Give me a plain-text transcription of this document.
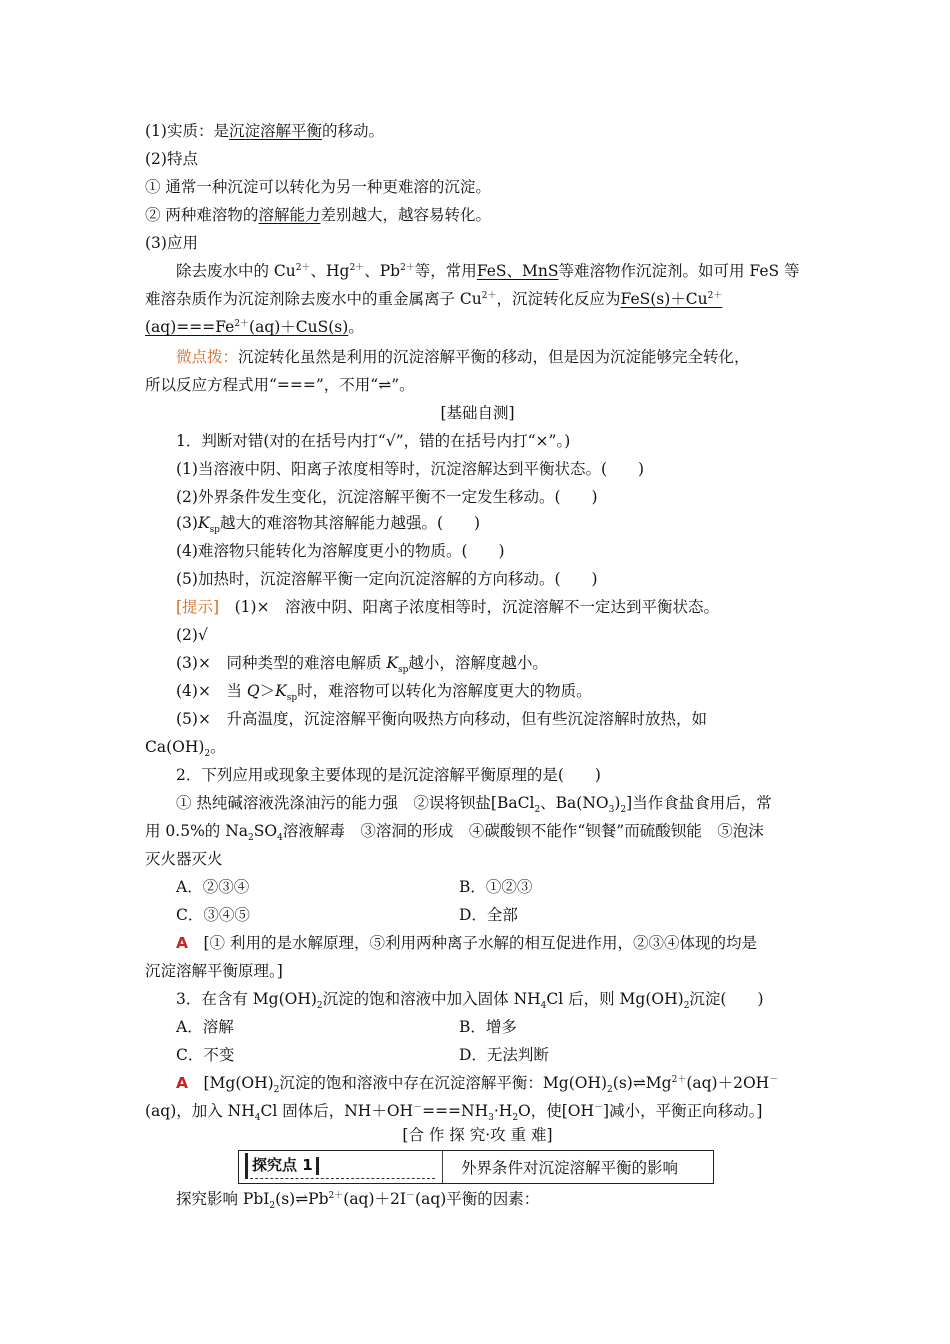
(1)实质：是沉淀溶解平衡的移动。
(2)特点
① 通常一种沉淀可以转化为另一种更难溶的沉淀。
② 两种难溶物的溶解能力差别越大，越容易转化。
(3)应用
除去废水中的 $Cu^{2+}$、$Hg^{2+}$、$Pb^{2+}$等，常用FeS、MnS等难溶物作沉淀剂。如可用 FeS 等
难溶杂质作为沉淀剂除去废水中的重金属离子 $Cu^{2+}$，沉淀转化反应为$FeS(s)+Cu^{2+}$
$(aq)===Fe^{2+}(aq)+CuS(s)$。
微点拨：沉淀转化虽然是利用的沉淀溶解平衡的移动，但是因为沉淀能够完全转化，
所以反应方程式用“===”，不用“⇌”。
[基础自测]
1．判断对错(对的在括号内打“√”，错的在括号内打“×”。)
(1)当溶液中阴、阳离子浓度相等时，沉淀溶解达到平衡状态。(　　)
(2)外界条件发生变化，沉淀溶解平衡不一定发生移动。(　　)
$(3)K_{sp}$越大的难溶物其溶解能力越强。(　　)
(4)难溶物只能转化为溶解度更小的物质。(　　)
(5)加热时，沉淀溶解平衡一定向沉淀溶解的方向移动。(　　)
[提示]　(1)×　溶液中阴、阳离子浓度相等时，沉淀溶解不一定达到平衡状态。
(2)√
(3)×　同种类型的难溶电解质 $K_{sp}$越小，溶解度越小。
(4)×　当 $Q>K_{sp}$时，难溶物可以转化为溶解度更大的物质。
(5)×　升高温度，沉淀溶解平衡向吸热方向移动，但有些沉淀溶解时放热，如
$Ca(OH)_2$。
2．下列应用或现象主要体现的是沉淀溶解平衡原理的是(　　)
① 热纯碱溶液洗涤油污的能力强　②误将钡盐[BaCl$_2$、$Ba(NO_3)_2$]当作食盐食用后，常
用 0.5%的 $Na_2SO_4$溶液解毒　③溶洞的形成　④碳酸钡不能作“钡餐”而硫酸钡能　⑤泡沫
灭火器灭火
A．②③④	B．①②③
C．③④⑤	D．全部
A　[① 利用的是水解原理，⑤利用两种离子水解的相互促进作用，②③④体现的均是
沉淀溶解平衡原理。]
3．在含有 $Mg(OH)_2$沉淀的饱和溶液中加入固体 $NH_4Cl$ 后，则 $Mg(OH)_2$沉淀(　　)
A．溶解	B．增多
C．不变	D．无法判断
A　[$Mg(OH)_2$沉淀的饱和溶液中存在沉淀溶解平衡：$Mg(OH)_2(s)\rightleftharpoons Mg^{2+}(aq)+2OH^-$
(aq)，加入 $NH_4Cl$ 固体后，$NH+OH^-===NH_3\cdot H_2O$，使[OH－]减小，平衡正向移动。]
[合 作 探 究·攻 重 难]
探究点 1	外界条件对沉淀溶解平衡的影响
探究影响 $PbI_2(s)\rightleftharpoons Pb^{2+}(aq)+2I^-(aq)$平衡的因素：
